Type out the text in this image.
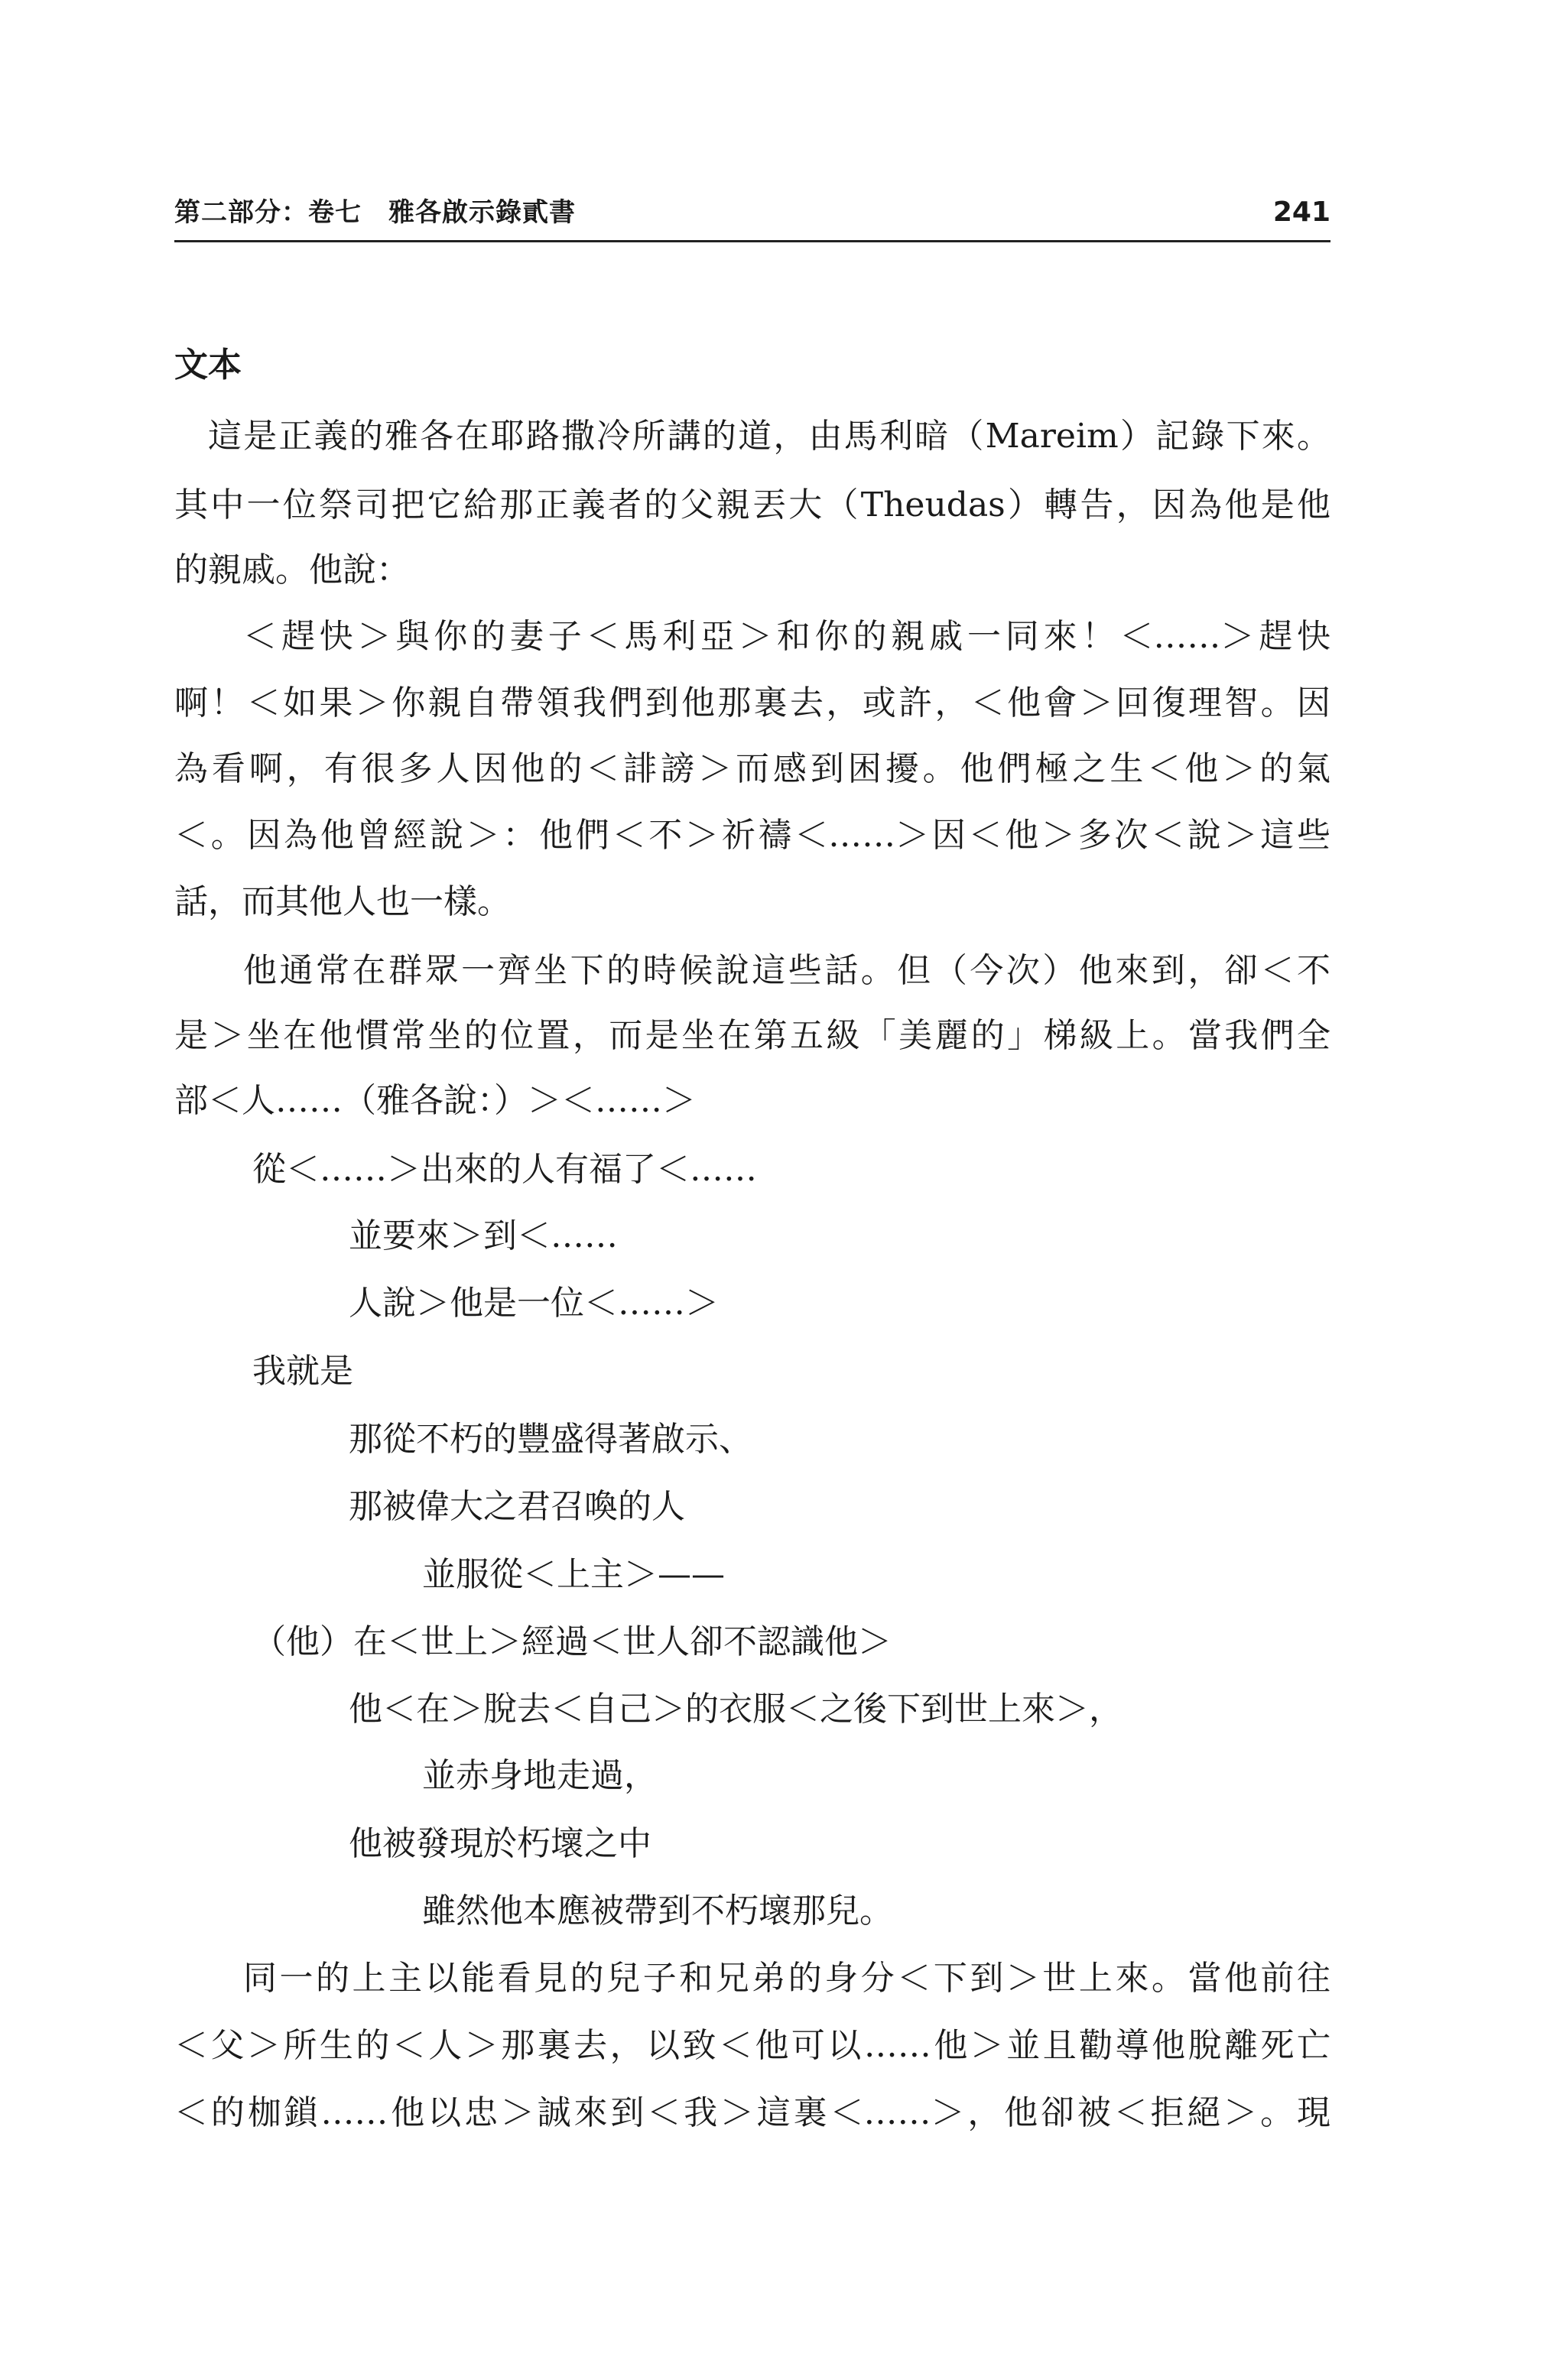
第二部分：卷七　雅各啟示錄貳書	241
文本
這是正義的雅各在耶路撒冷所講的道，由馬利暗（Mareim）記錄下來。
其中一位祭司把它給那正義者的父親丟大（Theudas）轉告，因為他是他
的親戚。他說：
＜趕快＞與你的妻子＜馬利亞＞和你的親戚一同來！＜……＞趕快
啊！＜如果＞你親自帶領我們到他那裏去，或許，＜他會＞回復理智。因
為看啊，有很多人因他的＜誹謗＞而感到困擾。他們極之生＜他＞的氣
＜。因為他曾經說＞：他們＜不＞祈禱＜……＞因＜他＞多次＜說＞這些
話，而其他人也一樣。
他通常在群眾一齊坐下的時候說這些話。但（今次）他來到，卻＜不
是＞坐在他慣常坐的位置，而是坐在第五級「美麗的」梯級上。當我們全
部＜人……（雅各說：）＞＜……＞
從＜……＞出來的人有福了＜……
並要來＞到＜……
人說＞他是一位＜……＞
我就是
那從不朽的豐盛得著啟示、
那被偉大之君召喚的人
並服從＜上主＞——
（他）在＜世上＞經過＜世人卻不認識他＞
他＜在＞脫去＜自己＞的衣服＜之後下到世上來＞，
並赤身地走過，
他被發現於朽壞之中
雖然他本應被帶到不朽壞那兒。
同一的上主以能看見的兒子和兄弟的身分＜下到＞世上來。當他前往
＜父＞所生的＜人＞那裏去，以致＜他可以……他＞並且勸導他脫離死亡
＜的枷鎖……他以忠＞誠來到＜我＞這裏＜……＞，他卻被＜拒絕＞。現
